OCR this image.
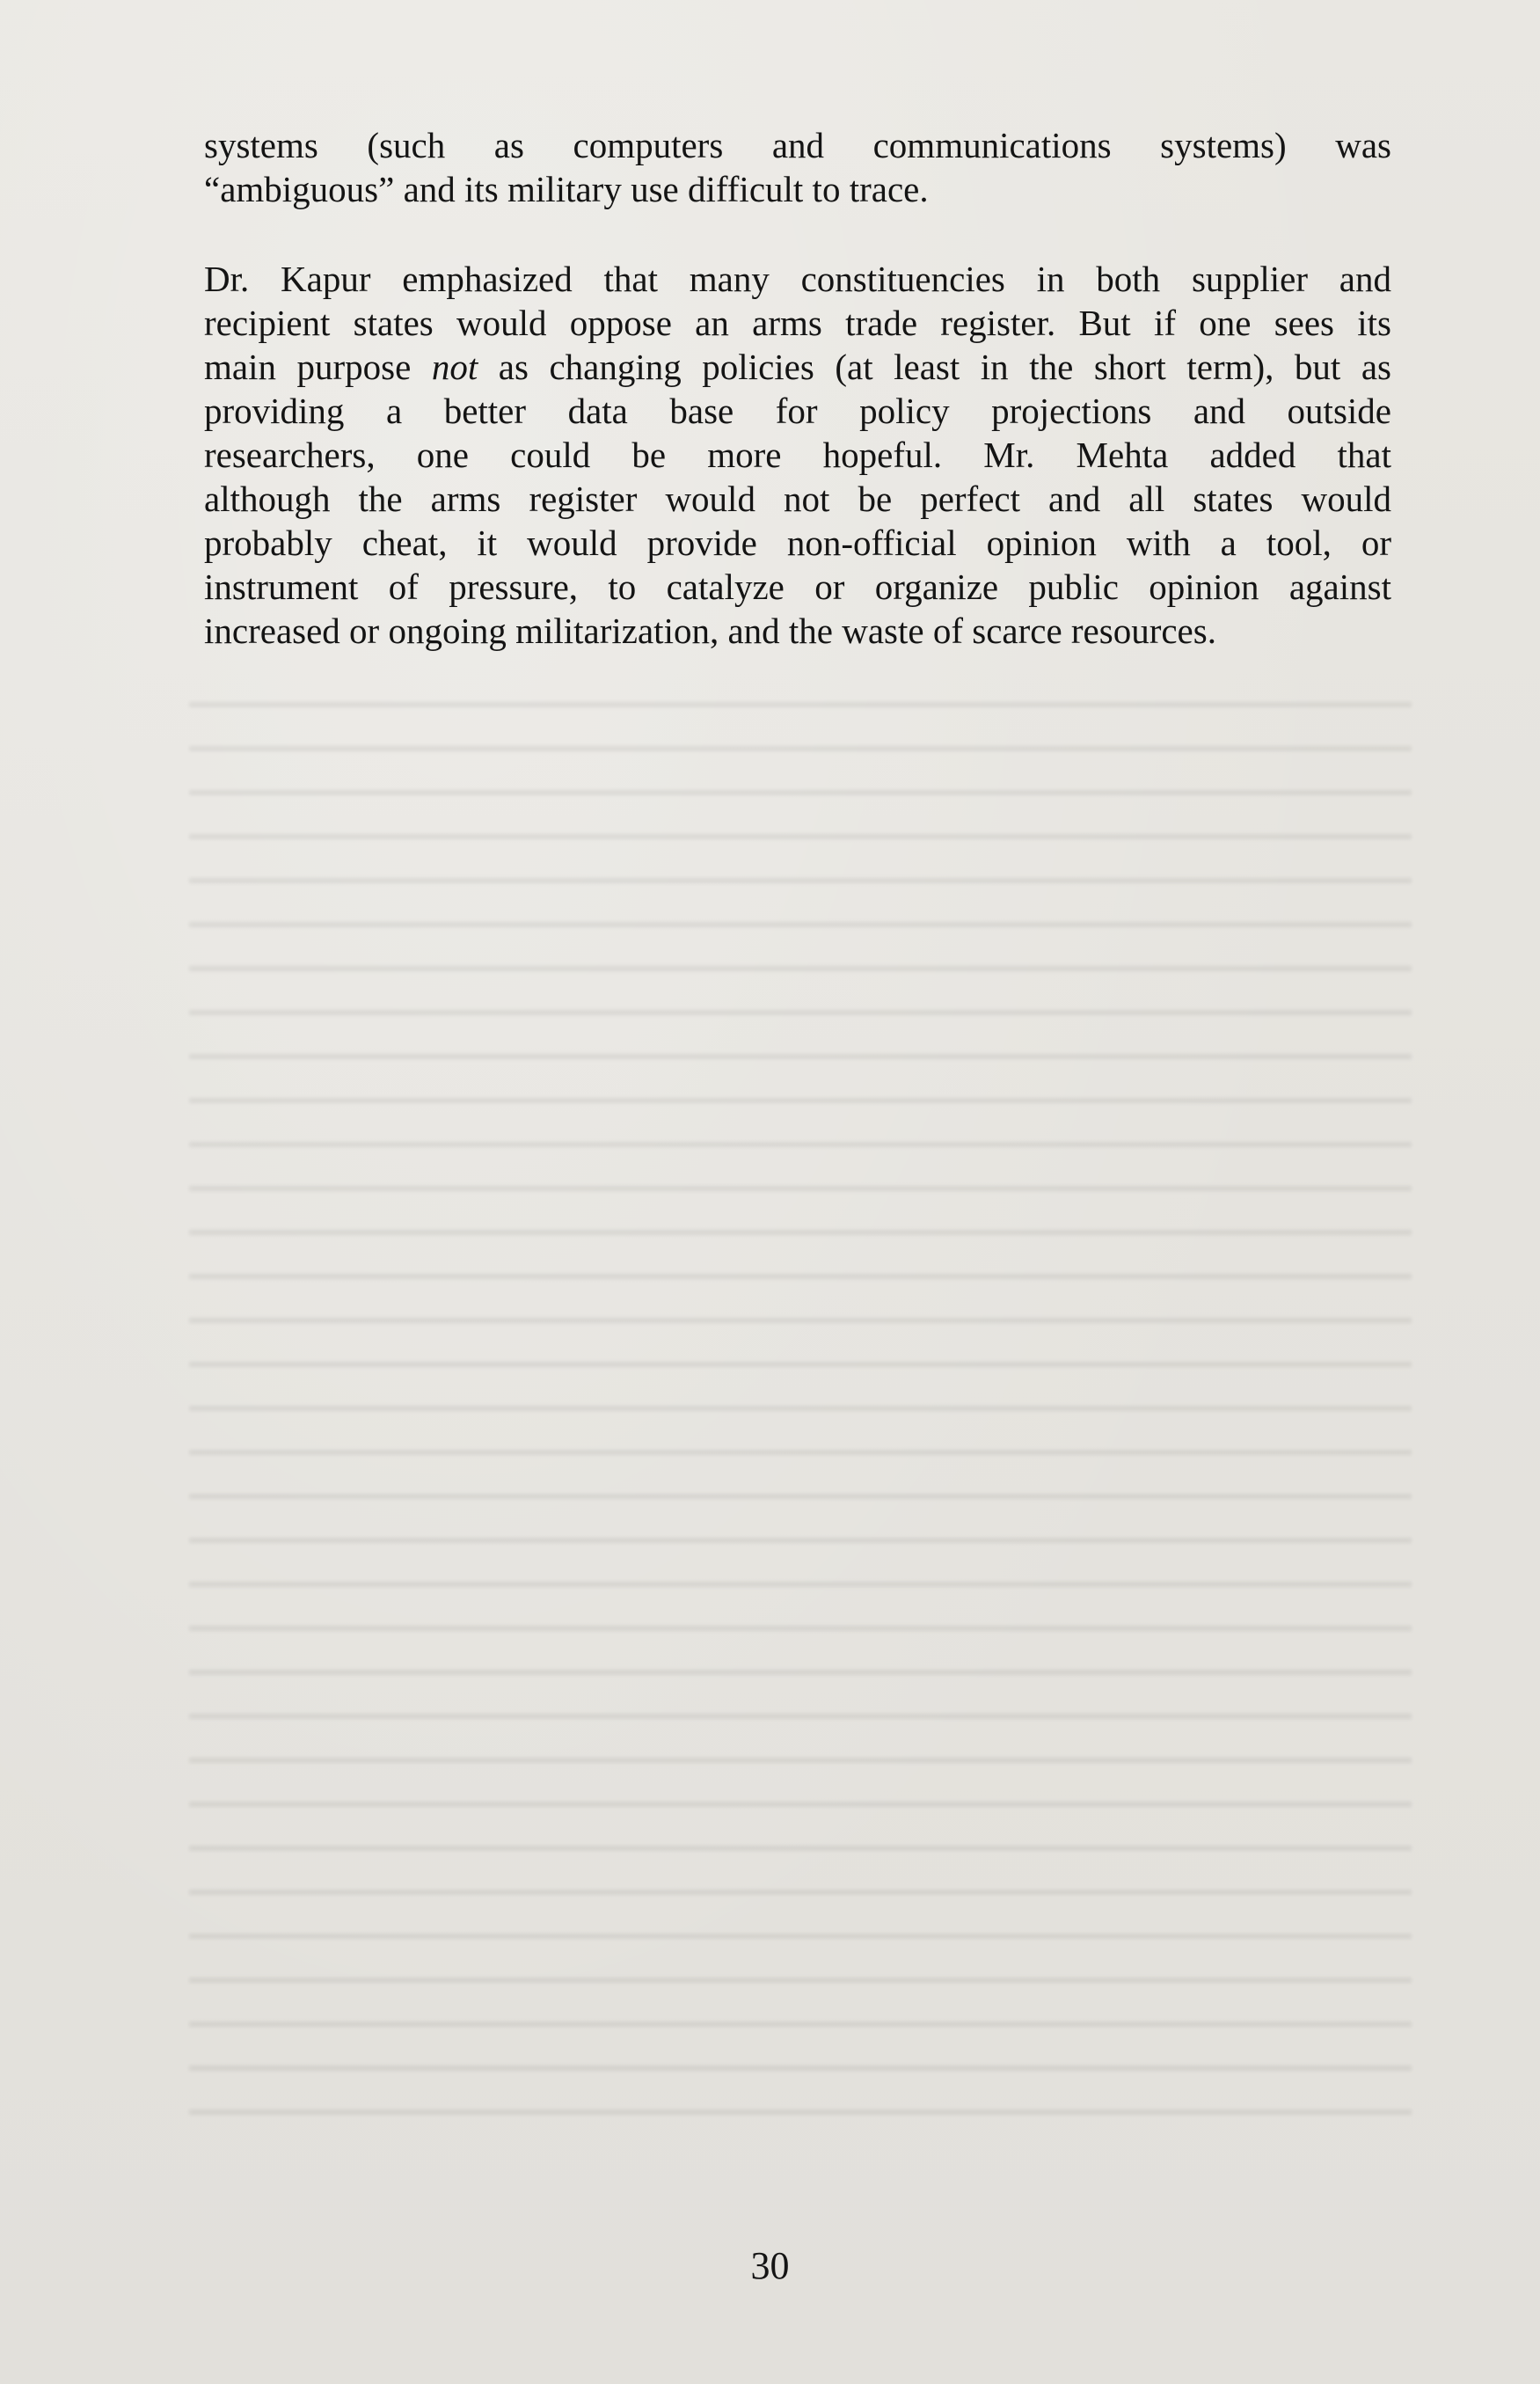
systems (such as computers and communications systems) was
“ambiguous” and its military use difficult to trace.
Dr. Kapur emphasized that many constituencies in both supplier and
recipient states would oppose an arms trade register. But if one sees its
main purpose not as changing policies (at least in the short term), but as
providing a better data base for policy projections and outside
researchers, one could be more hopeful. Mr. Mehta added that
although the arms register would not be perfect and all states would
probably cheat, it would provide non-official opinion with a tool, or
instrument of pressure, to catalyze or organize public opinion against
increased or ongoing militarization, and the waste of scarce resources.
30
